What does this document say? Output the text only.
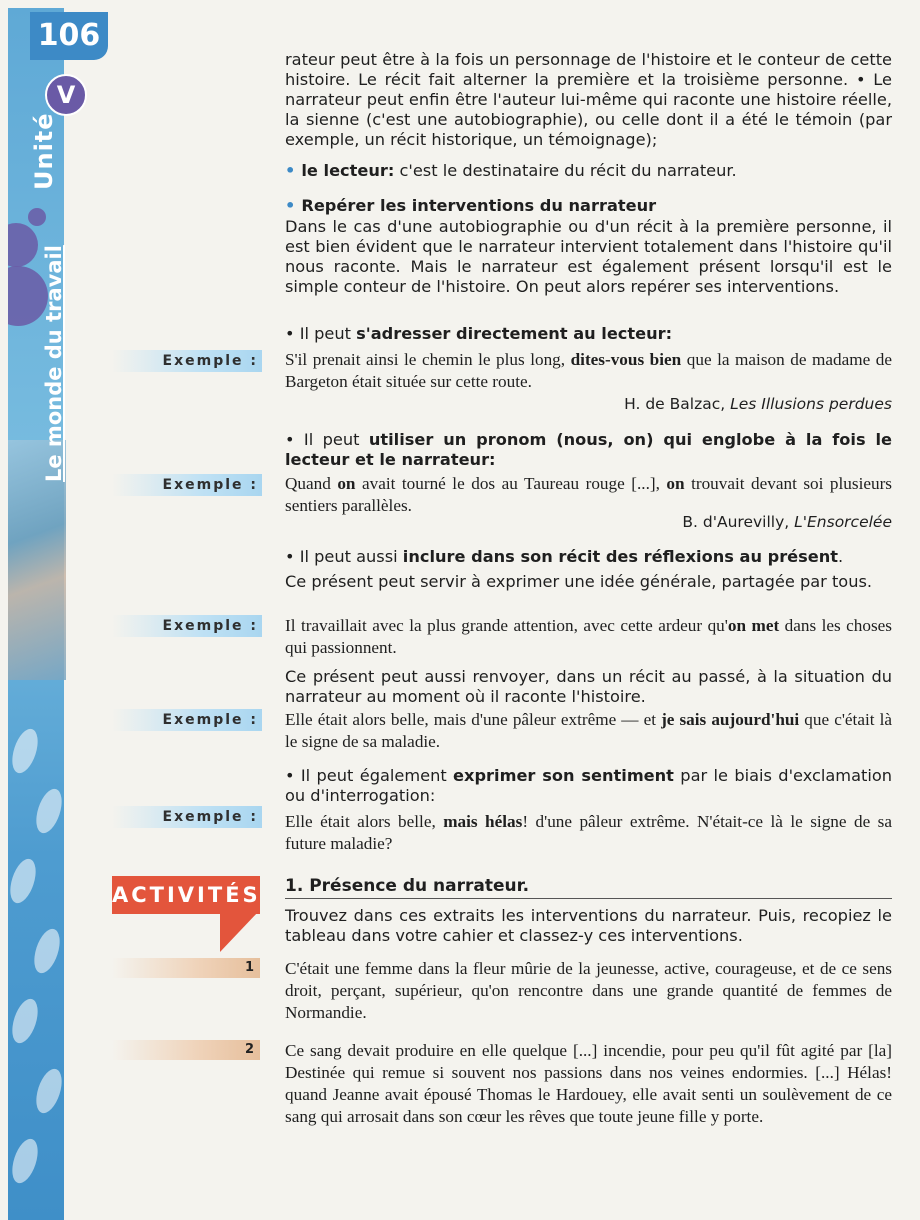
106
V
Unité
Le monde du travail
rateur peut être à la fois un personnage de l'histoire et le conteur de cette histoire. Le récit fait alterner la première et la troisième personne. • Le narrateur peut enfin être l'auteur lui-même qui raconte une histoire réelle, la sienne (c'est une autobiographie), ou celle dont il a été le témoin (par exemple, un récit historique, un témoignage);
• le lecteur: c'est le destinataire du récit du narrateur.
• Repérer les interventions du narrateur
Dans le cas d'une autobiographie ou d'un récit à la première personne, il est bien évident que le narrateur intervient totalement dans l'histoire qu'il nous raconte. Mais le narrateur est également présent lorsqu'il est le simple conteur de l'histoire. On peut alors repérer ses interventions.
• Il peut s'adresser directement au lecteur:
Exemple : S'il prenait ainsi le chemin le plus long, dites-vous bien que la maison de madame de Bargeton était située sur cette route.
H. de Balzac, Les Illusions perdues
• Il peut utiliser un pronom (nous, on) qui englobe à la fois le lecteur et le narrateur:
Exemple : Quand on avait tourné le dos au Taureau rouge [...], on trouvait devant soi plusieurs sentiers parallèles.
B. d'Aurevilly, L'Ensorcelée
• Il peut aussi inclure dans son récit des réflexions au présent.
Ce présent peut servir à exprimer une idée générale, partagée par tous.
Exemple : Il travaillait avec la plus grande attention, avec cette ardeur qu'on met dans les choses qui passionnent.
Ce présent peut aussi renvoyer, dans un récit au passé, à la situation du narrateur au moment où il raconte l'histoire.
Exemple : Elle était alors belle, mais d'une pâleur extrême — et je sais aujourd'hui que c'était là le signe de sa maladie.
• Il peut également exprimer son sentiment par le biais d'exclamation ou d'interrogation:
Exemple : Elle était alors belle, mais hélas! d'une pâleur extrême. N'était-ce là le signe de sa future maladie?
ACTIVITÉS 1. Présence du narrateur.
Trouvez dans ces extraits les interventions du narrateur. Puis, recopiez le tableau dans votre cahier et classez-y ces interventions.
1	C'était une femme dans la fleur mûrie de la jeunesse, active, courageuse, et de ce sens droit, perçant, supérieur, qu'on rencontre dans une grande quantité de femmes de Normandie.
2	Ce sang devait produire en elle quelque [...] incendie, pour peu qu'il fût agité par [la] Destinée qui remue si souvent nos passions dans nos veines endormies. [...] Hélas! quand Jeanne avait épousé Thomas le Hardouey, elle avait senti un soulèvement de ce sang qui arrosait dans son cœur les rêves que toute jeune fille y porte.
